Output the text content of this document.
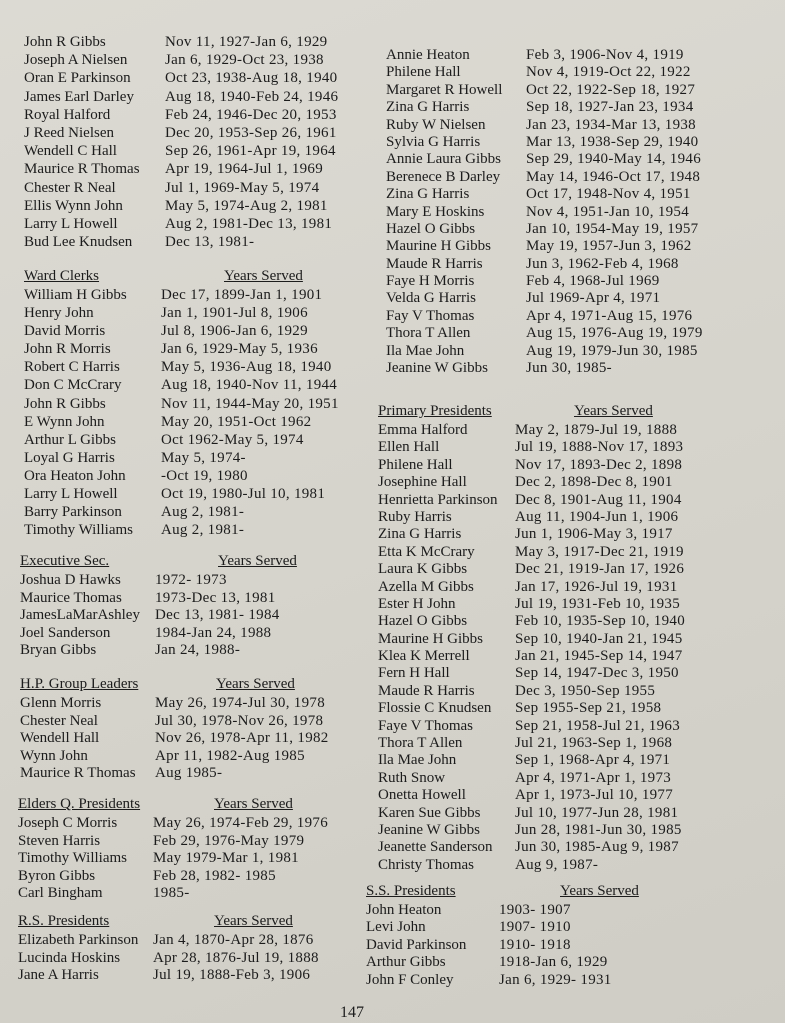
John R Gibbs	Nov 11, 1927-Jan 6, 1929
Joseph A Nielsen	Jan 6, 1929-Oct 23, 1938
Oran E Parkinson Oct 23, 1938-Aug 18, 1940
James Earl Darley Aug 18, 1940-Feb 24, 1946
Royal Halford	Feb 24, 1946-Dec 20, 1953
J Reed Nielsen	Dec 20, 1953-Sep 26, 1961
Wendell C Hall	Sep 26, 1961-Apr 19, 1964
Maurice R Thomas Apr 19, 1964-Jul 1, 1969
Chester R Neal	Jul 1, 1969-May 5, 1974
Ellis Wynn John	May 5, 1974-Aug 2, 1981
Larry L Howell	Aug 2, 1981-Dec 13, 1981
Bud Lee Knudsen Dec 13, 1981-
Ward Clerks	Years Served
William H Gibbs Dec 17, 1899-Jan 1, 1901
Henry John	Jan 1, 1901-Jul 8, 1906
David Morris	Jul 8, 1906-Jan 6, 1929
John R Morris	Jan 6, 1929-May 5, 1936
Robert C Harris	May 5, 1936-Aug 18, 1940
Don C McCrary	Aug 18, 1940-Nov 11, 1944
John R Gibbs	Nov 11, 1944-May 20, 1951
E Wynn John	May 20, 1951-Oct 1962
Arthur L Gibbs	Oct 1962-May 5, 1974
Loyal G Harris	May 5, 1974-
Ora Heaton John -Oct 19, 1980
Larry L Howell	Oct 19, 1980-Jul 10, 1981
Barry Parkinson	Aug 2, 1981-
Timothy Williams Aug 2, 1981-
Executive Sec.	Years Served
Joshua D Hawks 1972- 1973
Maurice Thomas 1973-Dec 13, 1981
JamesLaMarAshley Dec 13, 1981- 1984
Joel Sanderson	1984-Jan 24, 1988
Bryan Gibbs	Jan 24, 1988-
H.P. Group Leaders	Years Served
Glenn Morris	May 26, 1974-Jul 30, 1978
Chester Neal	Jul 30, 1978-Nov 26, 1978
Wendell Hall	Nov 26, 1978-Apr 11, 1982
Wynn John	Apr 11, 1982-Aug 1985
Maurice R Thomas Aug 1985-
Elders Q. Presidents	Years Served
Joseph C Morris May 26, 1974-Feb 29, 1976
Steven Harris	Feb 29, 1976-May 1979
Timothy Williams May 1979-Mar 1, 1981
Byron Gibbs	Feb 28, 1982- 1985
Carl Bingham	1985-
R.S. Presidents	Years Served
Elizabeth Parkinson Jan 4, 1870-Apr 28, 1876
Lucinda Hoskins Apr 28, 1876-Jul 19, 1888
Jane A Harris	Jul 19, 1888-Feb 3, 1906
Annie Heaton	Feb 3, 1906-Nov 4, 1919
Philene Hall	Nov 4, 1919-Oct 22, 1922
Margaret R Howell Oct 22, 1922-Sep 18, 1927
Zina G Harris	Sep 18, 1927-Jan 23, 1934
Ruby W Nielsen	Jan 23, 1934-Mar 13, 1938
Sylvia G Harris	Mar 13, 1938-Sep 29, 1940
Annie Laura Gibbs Sep 29, 1940-May 14, 1946
Berenece B Darley May 14, 1946-Oct 17, 1948
Zina G Harris	Oct 17, 1948-Nov 4, 1951
Mary E Hoskins	Nov 4, 1951-Jan 10, 1954
Hazel O Gibbs	Jan 10, 1954-May 19, 1957
Maurine H Gibbs May 19, 1957-Jun 3, 1962
Maude R Harris	Jun 3, 1962-Feb 4, 1968
Faye H Morris	Feb 4, 1968-Jul 1969
Velda G Harris	Jul 1969-Apr 4, 1971
Fay V Thomas	Apr 4, 1971-Aug 15, 1976
Thora T Allen	Aug 15, 1976-Aug 19, 1979
Ila Mae John	Aug 19, 1979-Jun 30, 1985
Jeanine W Gibbs	Jun 30, 1985-
Primary Presidents	Years Served
Emma Halford	May 2, 1879-Jul 19, 1888
Ellen Hall	Jul 19, 1888-Nov 17, 1893
Philene Hall	Nov 17, 1893-Dec 2, 1898
Josephine Hall	Dec 2, 1898-Dec 8, 1901
Henrietta Parkinson Dec 8, 1901-Aug 11, 1904
Ruby Harris	Aug 11, 1904-Jun 1, 1906
Zina G Harris	Jun 1, 1906-May 3, 1917
Etta K McCrary	May 3, 1917-Dec 21, 1919
Laura K Gibbs	Dec 21, 1919-Jan 17, 1926
Azella M Gibbs	Jan 17, 1926-Jul 19, 1931
Ester H John	Jul 19, 1931-Feb 10, 1935
Hazel O Gibbs	Feb 10, 1935-Sep 10, 1940
Maurine H Gibbs Sep 10, 1940-Jan 21, 1945
Klea K Merrell	Jan 21, 1945-Sep 14, 1947
Fern H Hall	Sep 14, 1947-Dec 3, 1950
Maude R Harris	Dec 3, 1950-Sep 1955
Flossie C Knudsen Sep 1955-Sep 21, 1958
Faye V Thomas	Sep 21, 1958-Jul 21, 1963
Thora T Allen	Jul 21, 1963-Sep 1, 1968
Ila Mae John	Sep 1, 1968-Apr 4, 1971
Ruth Snow	Apr 4, 1971-Apr 1, 1973
Onetta Howell	Apr 1, 1973-Jul 10, 1977
Karen Sue Gibbs Jul 10, 1977-Jun 28, 1981
Jeanine W Gibbs Jun 28, 1981-Jun 30, 1985
Jeanette Sanderson Jun 30, 1985-Aug 9, 1987
Christy Thomas	Aug 9, 1987-
S.S. Presidents	Years Served
John Heaton	1903- 1907
Levi John	1907- 1910
David Parkinson 1910- 1918
Arthur Gibbs	1918-Jan 6, 1929
John F Conley	Jan 6, 1929- 1931
147
